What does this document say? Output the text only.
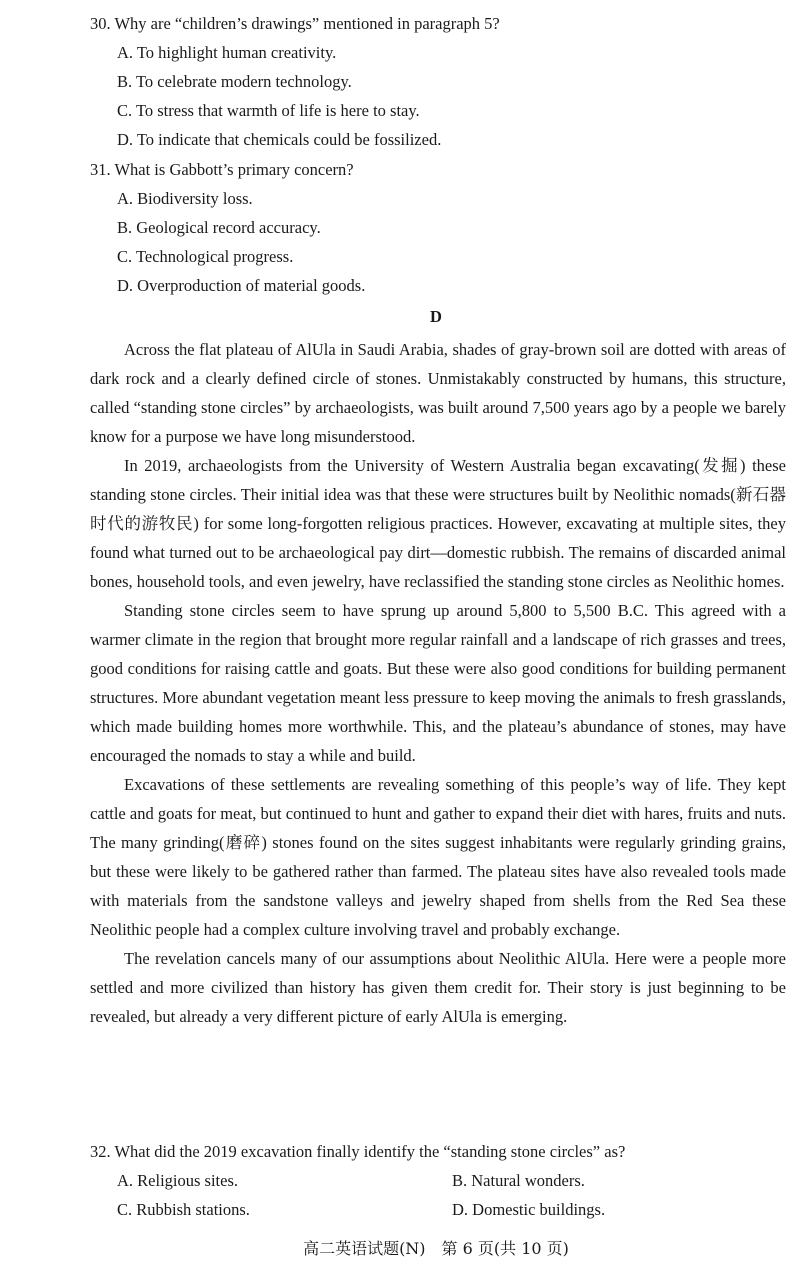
30. Why are “children’s drawings” mentioned in paragraph 5?
A. To highlight human creativity.
B. To celebrate modern technology.
C. To stress that warmth of life is here to stay.
D. To indicate that chemicals could be fossilized.
31. What is Gabbott’s primary concern?
A. Biodiversity loss.
B. Geological record accuracy.
C. Technological progress.
D. Overproduction of material goods.
D

Across the flat plateau of AlUla in Saudi Arabia, shades of gray-brown soil are dotted with areas of dark rock and a clearly defined circle of stones. Unmistakably constructed by humans, this structure, called “standing stone circles” by archaeologists, was built around 7,500 years ago by a people we barely know for a purpose we have long misunderstood.

In 2019, archaeologists from the University of Western Australia began excavating(发掘) these standing stone circles. Their initial idea was that these were structures built by Neolithic nomads(新石器时代的游牧民) for some long-forgotten religious practices. However, excavating at multiple sites, they found what turned out to be archaeological pay dirt—domestic rubbish. The remains of discarded animal bones, household tools, and even jewelry, have reclassified the standing stone circles as Neolithic homes.

Standing stone circles seem to have sprung up around 5,800 to 5,500 B.C. This agreed with a warmer climate in the region that brought more regular rainfall and a landscape of rich grasses and trees, good conditions for raising cattle and goats. But these were also good conditions for building permanent structures. More abundant vegetation meant less pressure to keep moving the animals to fresh grasslands, which made building homes more worthwhile. This, and the plateau’s abundance of stones, may have encouraged the nomads to stay a while and build.

Excavations of these settlements are revealing something of this people’s way of life. They kept cattle and goats for meat, but continued to hunt and gather to expand their diet with hares, fruits and nuts. The many grinding(磨碎) stones found on the sites suggest inhabitants were regularly grinding grains, but these were likely to be gathered rather than farmed. The plateau sites have also revealed tools made with materials from the sandstone valleys and jewelry shaped from shells from the Red Sea these Neolithic people had a complex culture involving travel and probably exchange.

The revelation cancels many of our assumptions about Neolithic AlUla. Here were a people more settled and more civilized than history has given them credit for. Their story is just beginning to be revealed, but already a very different picture of early AlUla is emerging.

32. What did the 2019 excavation finally identify the “standing stone circles” as?
A. Religious sites.	B. Natural wonders.
C. Rubbish stations.	D. Domestic buildings.
高二英语试题(N)　第 6 页(共 10 页)
